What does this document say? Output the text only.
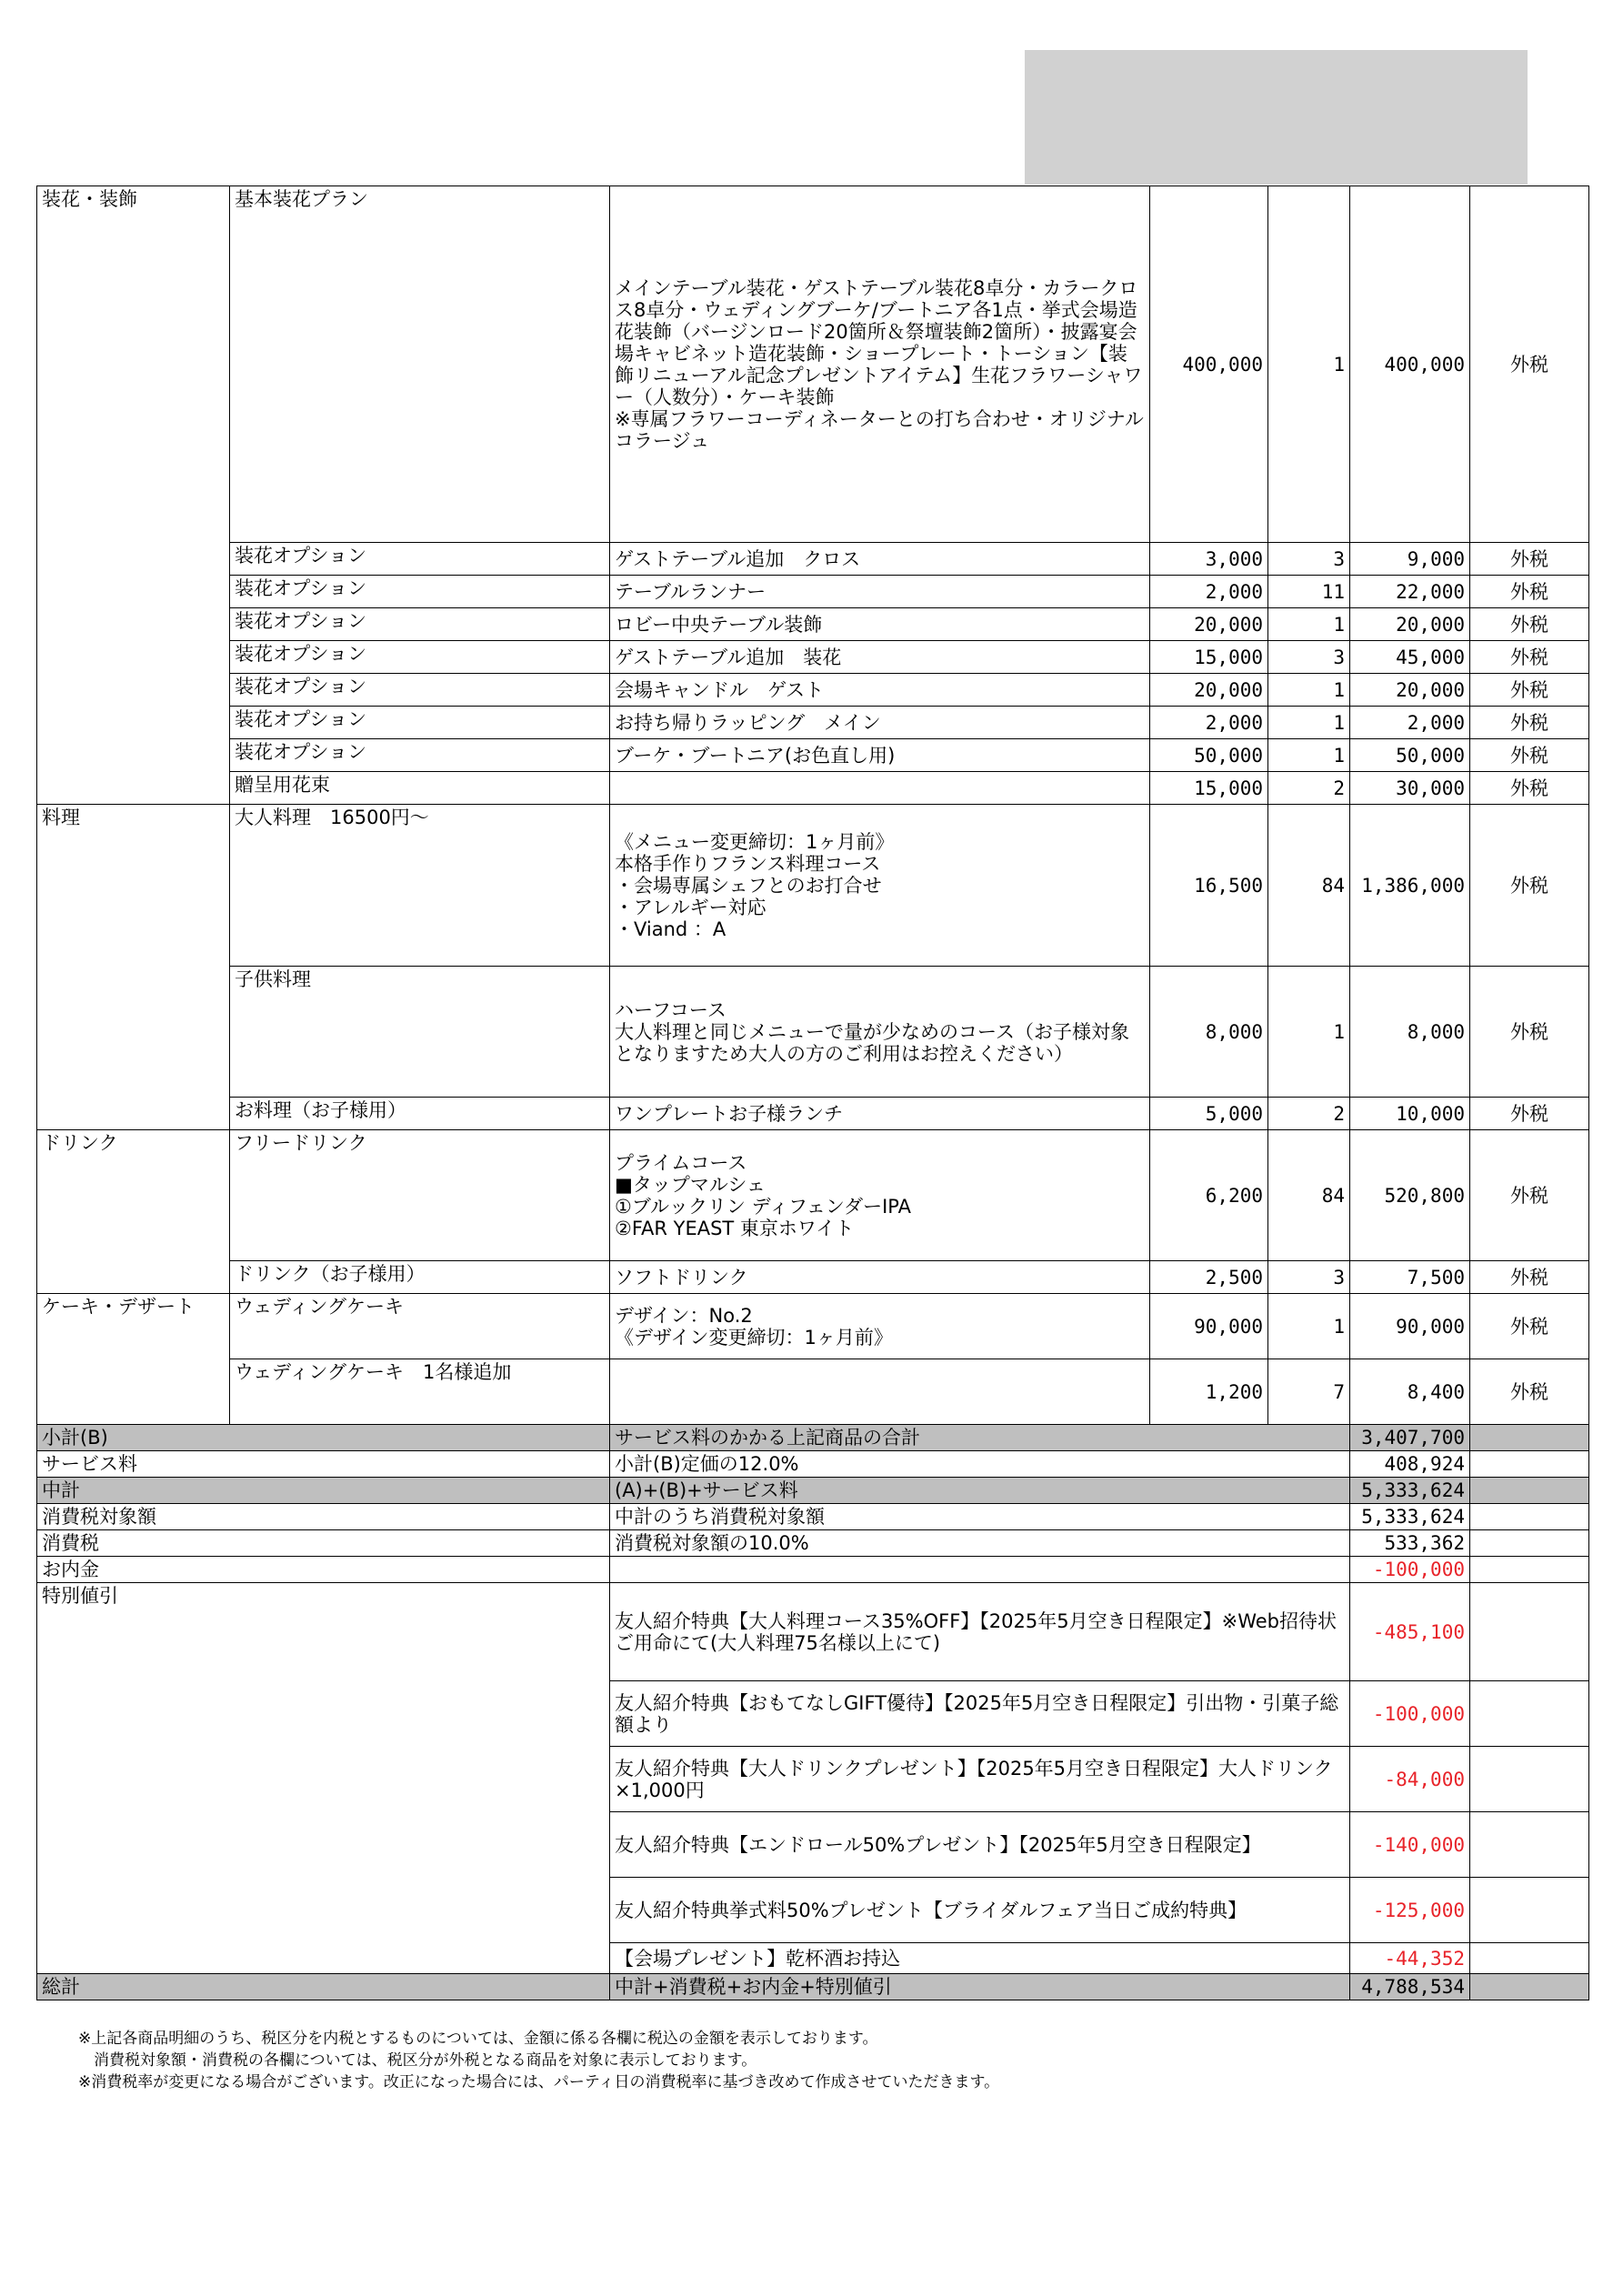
装花・装飾	基本装花プラン	メインテーブル装花・ゲストテーブル装花8卓分・カラークロス8卓分・ウェディングブーケ/ブートニア各1点・挙式会場造花装飾（バージンロード20箇所＆祭壇装飾2箇所）・披露宴会場キャビネット造花装飾・ショープレート・トーション【装飾リニューアル記念プレゼントアイテム】生花フラワーシャワー（人数分）・ケーキ装飾
※専属フラワーコーディネーターとの打ち合わせ・オリジナルコラージュ	400,000	1	400,000	外税
	装花オプション	ゲストテーブル追加　クロス	3,000	3	9,000	外税
	装花オプション	テーブルランナー	2,000	11	22,000	外税
	装花オプション	ロビー中央テーブル装飾	20,000	1	20,000	外税
	装花オプション	ゲストテーブル追加　装花	15,000	3	45,000	外税
	装花オプション	会場キャンドル　ゲスト	20,000	1	20,000	外税
	装花オプション	お持ち帰りラッピング　メイン	2,000	1	2,000	外税
	装花オプション	ブーケ・ブートニア(お色直し用)	50,000	1	50,000	外税
	贈呈用花束		15,000	2	30,000	外税
料理	大人料理　16500円～	《メニュー変更締切：1ヶ月前》
本格手作りフランス料理コース
・会場専属シェフとのお打合せ
・アレルギー対応
・Viand ：A	16,500	84	1,386,000	外税
	子供料理	ハーフコース
大人料理と同じメニューで量が少なめのコース（お子様対象となりますため大人の方のご利用はお控えください）	8,000	1	8,000	外税
	お料理（お子様用）	ワンプレートお子様ランチ	5,000	2	10,000	外税
ドリンク	フリードリンク	プライムコース
■タップマルシェ
①ブルックリン ディフェンダーIPA
②FAR YEAST 東京ホワイト	6,200	84	520,800	外税
	ドリンク（お子様用）	ソフトドリンク	2,500	3	7,500	外税
ケーキ・デザート	ウェディングケーキ	デザイン：No.2
《デザイン変更締切：1ヶ月前》	90,000	1	90,000	外税
	ウェディングケーキ　1名様追加		1,200	7	8,400	外税
小計(B)		サービス料のかかる上記商品の合計			3,407,700	
サービス料		小計(B)定価の12.0%			408,924	
中計		(A)+(B)+サービス料			5,333,624	
消費税対象額		中計のうち消費税対象額			5,333,624	
消費税		消費税対象額の10.0%			533,362	
お内金					-100,000	
特別値引		友人紹介特典【大人料理コース35%OFF】【2025年5月空き日程限定】※Web招待状ご用命にて(大人料理75名様以上にて)			-485,100	
		友人紹介特典【おもてなしGIFT優待】【2025年5月空き日程限定】引出物・引菓子総額より			-100,000	
		友人紹介特典【大人ドリンクプレゼント】【2025年5月空き日程限定】大人ドリンク×1,000円			-84,000	
		友人紹介特典【エンドロール50%プレゼント】【2025年5月空き日程限定】			-140,000	
		友人紹介特典挙式料50%プレゼント【ブライダルフェア当日ご成約特典】			-125,000	
		【会場プレゼント】乾杯酒お持込			-44,352	
総計		中計+消費税+お内金+特別値引			4,788,534	
※上記各商品明細のうち、税区分を内税とするものについては、金額に係る各欄に税込の金額を表示しております。
　消費税対象額・消費税の各欄については、税区分が外税となる商品を対象に表示しております。
※消費税率が変更になる場合がございます。改正になった場合には、パーティ日の消費税率に基づき改めて作成させていただきます。
